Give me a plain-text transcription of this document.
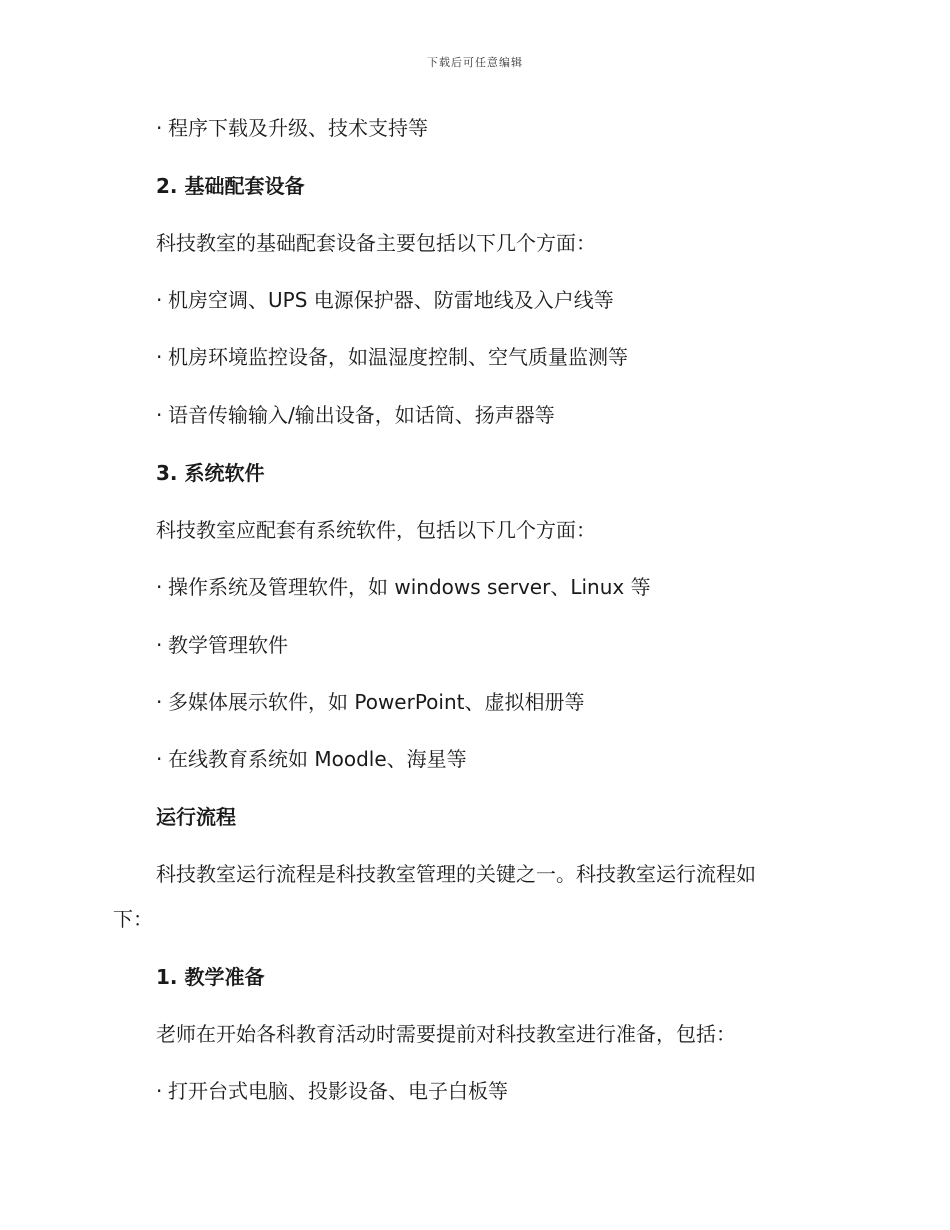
下载后可任意编辑
· 程序下载及升级、技术支持等
2. 基础配套设备
科技教室的基础配套设备主要包括以下几个方面：
· 机房空调、UPS 电源保护器、防雷地线及入户线等
· 机房环境监控设备，如温湿度控制、空气质量监测等
· 语音传输输入/输出设备，如话筒、扬声器等
3. 系统软件
科技教室应配套有系统软件，包括以下几个方面：
· 操作系统及管理软件，如 windows server、Linux 等
· 教学管理软件
· 多媒体展示软件，如 PowerPoint、虚拟相册等
· 在线教育系统如 Moodle、海星等
运行流程
科技教室运行流程是科技教室管理的关键之一。科技教室运行流程如
下：
1. 教学准备
老师在开始各科教育活动时需要提前对科技教室进行准备，包括：
· 打开台式电脑、投影设备、电子白板等
